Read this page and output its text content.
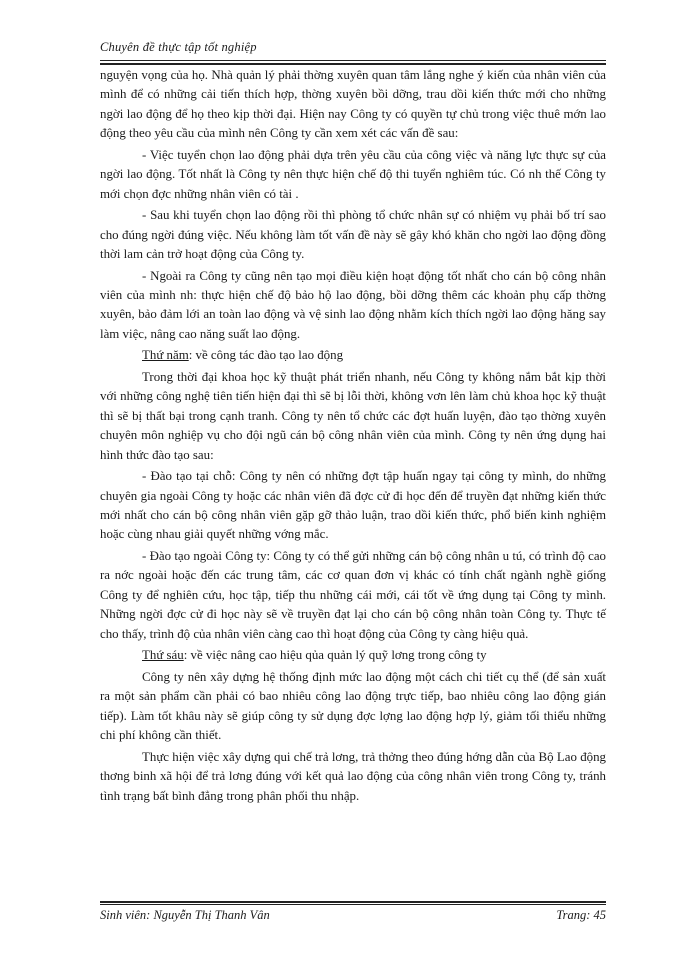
Chuyên đề thực tập tốt nghiệp

nguyện vọng của họ. Nhà quản lý phải thờng xuyên quan tâm lắng nghe ý kiến của nhân viên của mình để có những cải tiến thích hợp, thờng xuyên bồi dỡng, trau dồi kiến thức mới cho những ngời lao động để họ theo kịp thời đại. Hiện nay Công ty có quyền tự chủ trong việc thuê mớn lao động theo yêu cầu của mình nên Công ty cần xem xét các vấn đề sau:

- Việc tuyển chọn lao động phải dựa trên yêu cầu của công việc và năng lực thực sự của ngời lao động. Tốt nhất là Công ty nên thực hiện chế độ thi tuyển nghiêm túc. Có nh thế Công ty mới chọn đợc những nhân viên có tài .

- Sau khi tuyển chọn lao động rồi thì phòng tổ chức nhân sự có nhiệm vụ phải bố trí sao cho đúng ngời đúng việc. Nếu không làm tốt vấn đề này sẽ gây khó khăn cho ngời lao động đồng thời lam cản trở hoạt động của Công ty.

- Ngoài ra Công ty cũng nên tạo mọi điều kiện hoạt động tốt nhất cho cán bộ công nhân viên của mình nh: thực hiện chế độ bảo hộ lao động, bồi dỡng thêm các khoản phụ cấp thờng xuyên, bảo đảm lới an toàn lao động và vệ sinh lao động nhằm kích thích ngời lao động hăng say làm việc, nâng cao năng suất lao động.

Thứ năm: về công tác đào tạo lao động

Trong thời đại khoa học kỹ thuật phát triển nhanh, nếu Công ty không nắm bắt kịp thời với những công nghệ tiên tiến hiện đại thì sẽ bị lỗi thời, không vơn lên làm chủ khoa học kỹ thuật thì sẽ bị thất bại trong cạnh tranh. Công ty nên tổ chức các đợt huấn luyện, đào tạo thờng xuyên chuyên môn nghiệp vụ cho đội ngũ cán bộ công nhân viên của mình. Công ty nên ứng dụng hai hình thức đào tạo sau:

- Đào tạo tại chỗ: Công ty nên có những đợt tập huấn ngay tại công ty mình, do những chuyên gia ngoài Công ty hoặc các nhân viên đã đợc cử đi học đến để truyền đạt những kiến thức mới nhất cho cán bộ công nhân viên gặp gỡ thảo luận, trao dồi kiến thức, phổ biến kinh nghiệm hoặc cùng nhau giải quyết những vớng mắc.

- Đào tạo ngoài Công ty: Công ty có thể gửi những cán bộ công nhân u tú, có trình độ cao ra nớc ngoài hoặc đến các trung tâm, các cơ quan đơn vị khác có tính chất ngành nghề giống Công ty để nghiên cứu, học tập, tiếp thu những cái mới, cái tốt về ứng dụng tại Công ty mình. Những ngời đợc cử đi học này sẽ về truyền đạt lại cho cán bộ công nhân toàn Công ty. Thực tế cho thấy, trình độ của nhân viên càng cao thì hoạt động của Công ty càng hiệu quả.

Thứ sáu: về việc nâng cao hiệu qủa quản lý quỹ lơng trong công ty

Công ty nên xây dựng hệ thống định mức lao động một cách chi tiết cụ thể (để sản xuất ra một sản phẩm cần phải có bao nhiêu công lao động trực tiếp, bao nhiêu công lao động gián tiếp). Làm tốt khâu này sẽ giúp công ty sử dụng đợc lợng lao động hợp lý, giảm tối thiểu những chi phí không cần thiết.

Thực hiện việc xây dựng qui chế trả lơng, trả thởng theo đúng hớng dẫn của Bộ Lao động thơng binh xã hội để trả lơng đúng với kết quả lao động của công nhân viên trong Công ty, tránh tình trạng bất bình đẳng trong phân phối thu nhập.

Sinh viên: Nguyễn Thị Thanh Vân	Trang: 45
